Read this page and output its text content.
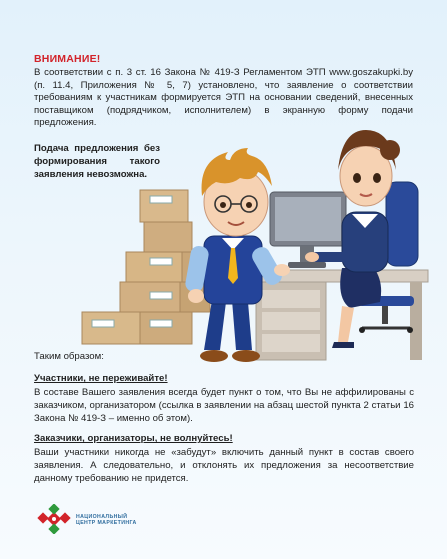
ВНИМАНИЕ!

В соответствии с п. 3 ст. 16 Закона № 419-З Регламентом ЭТП www.goszakupki.by (п. 11.4, Приложения № 5, 7) установлено, что заявление о соответствии требованиям к участникам формируется ЭТП на основании сведений, внесенных поставщиком (подрядчиком, исполнителем) в экранную форму подачи предложения.

Подача предложения без формирования такого заявления невозможна.

Таким образом:

Участники, не переживайте!

В составе Вашего заявления всегда будет пункт о том, что Вы не аффилированы с заказчиком, организатором (ссылка в заявлении на абзац шестой пункта 2 статьи 16 Закона № 419-З – именно об этом).

Заказчики, организаторы, не волнуйтесь!

Ваши участники никогда не «забудут» включить данный пункт в состав своего заявления. А следовательно, и отклонять их предложения за несоответствие данному требованию не придется.

НАЦИОНАЛЬНЫЙ
ЦЕНТР МАРКЕТИНГА
